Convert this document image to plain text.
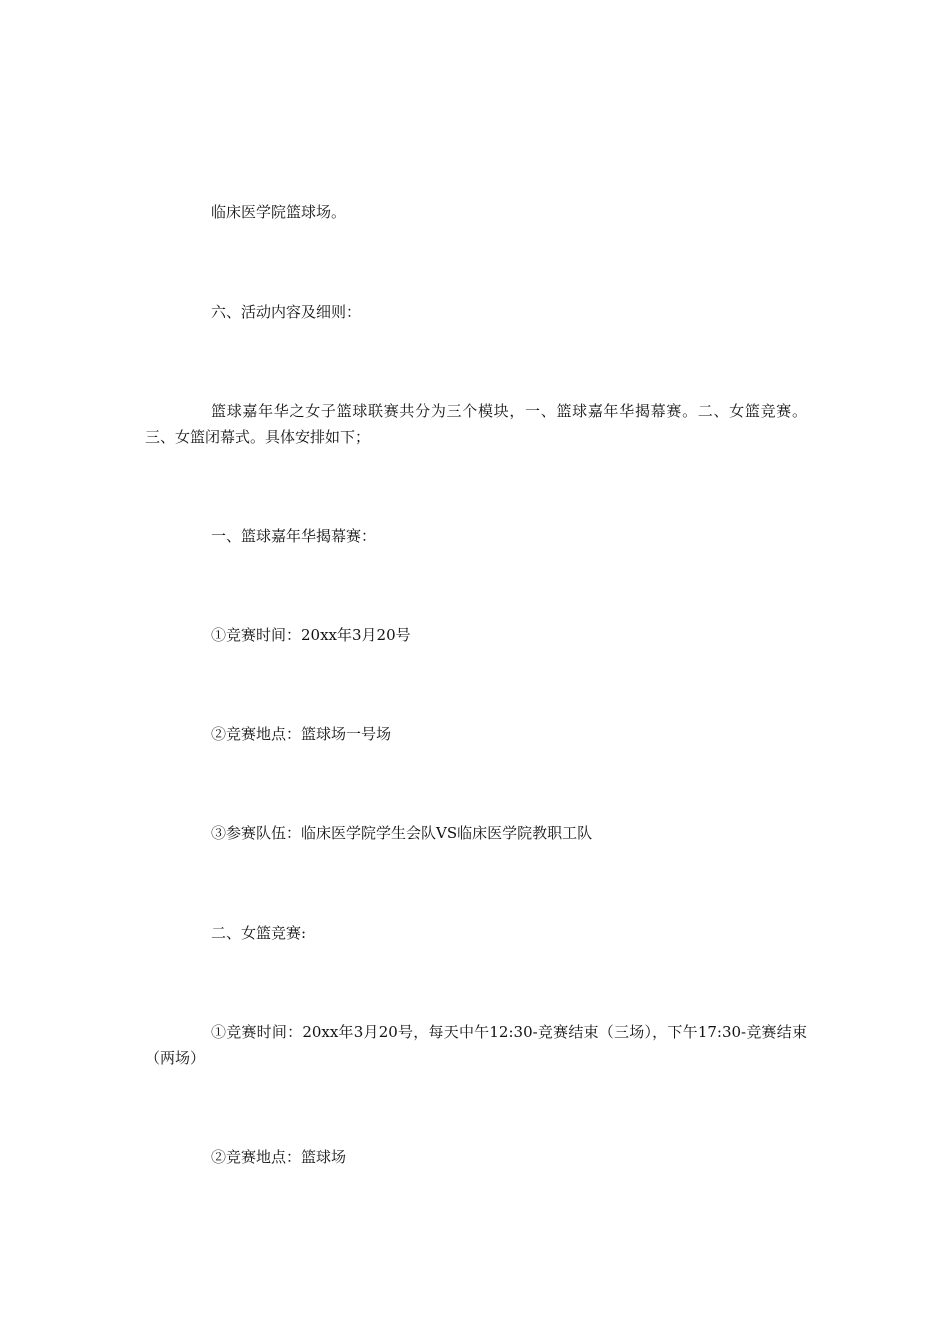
临床医学院篮球场。

六、活动内容及细则：

篮球嘉年华之女子篮球联赛共分为三个模块，一、篮球嘉年华揭幕赛。二、女篮竞赛。三、女篮闭幕式。具体安排如下；

一、篮球嘉年华揭幕赛：

①竞赛时间：20xx年3月20号

②竞赛地点：篮球场一号场

③参赛队伍：临床医学院学生会队VS临床医学院教职工队

二、女篮竞赛:

①竞赛时间：20xx年3月20号，每天中午12:30-竞赛结束（三场），下午17:30-竞赛结束（两场）

②竞赛地点：篮球场
